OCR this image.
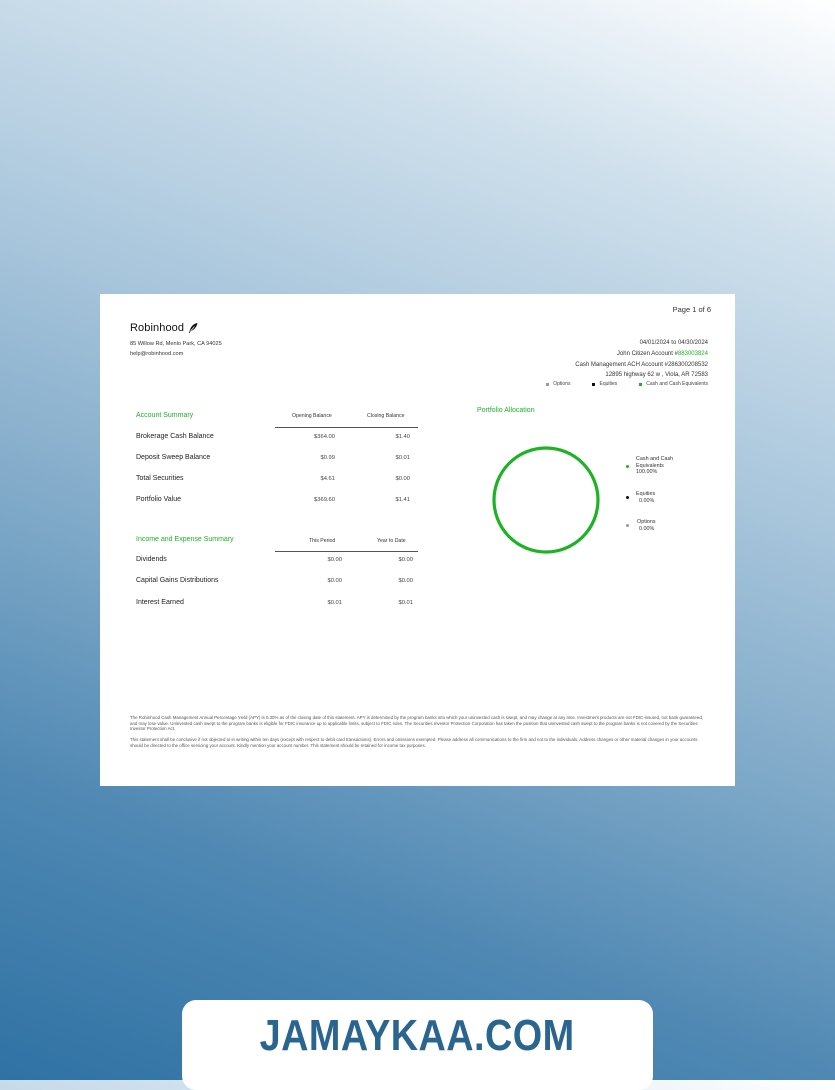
Page 1 of 6
Robinhood
85 Willow Rd, Menlo Park, CA 94025
help@robinhood.com
04/01/2024 to 04/30/2024
John Citizen Account #883003824
Cash Management ACH Account #286300208532
12895 highway 62 w , Viola, AR 72583
Options	Equities	Cash and Cash Equivalents
Account Summary	Opening Balance	Closing Balance
Brokerage Cash Balance	$364.00	$1.40
Deposit Sweep Balance	$0.99	$0.01
Total Securities	$4.61	$0.00
Portfolio Value	$369.60	$1.41
Income and Expense Summary	This Period	Year to Date
Dividends	$0.00	$0.00
Capital Gains Distributions	$0.00	$0.00
Interest Earned	$0.01	$0.01
Portfolio Allocation
Cash and Cash
Equivalents
100.00%
Equities
0.00%
Options
0.00%
The Robinhood Cash Management Annual Percentage Yield (APY) is 0.30% as of the closing date of this statement. APY is determined by the program banks into which your uninvested cash is swept, and may change at any time. Investment products are not FDIC-insured, not bank guaranteed, and may lose value. Uninvested cash swept to the program banks is eligible for FDIC insurance up to applicable limits, subject to FDIC rules. The Securities Investor Protection Corporation has taken the position that uninvested cash swept to the program banks is not covered by the Securities Investor Protection Act.
This statement shall be conclusive if not objected to in writing within ten days (except with respect to debit card transactions). Errors and omissions exempted. Please address all communications to the firm and not to the individuals. Address changes or other material changes in your accounts should be directed to the office servicing your account. Kindly mention your account number. This statement should be retained for income tax purposes.
JAMAYKAA.COM
